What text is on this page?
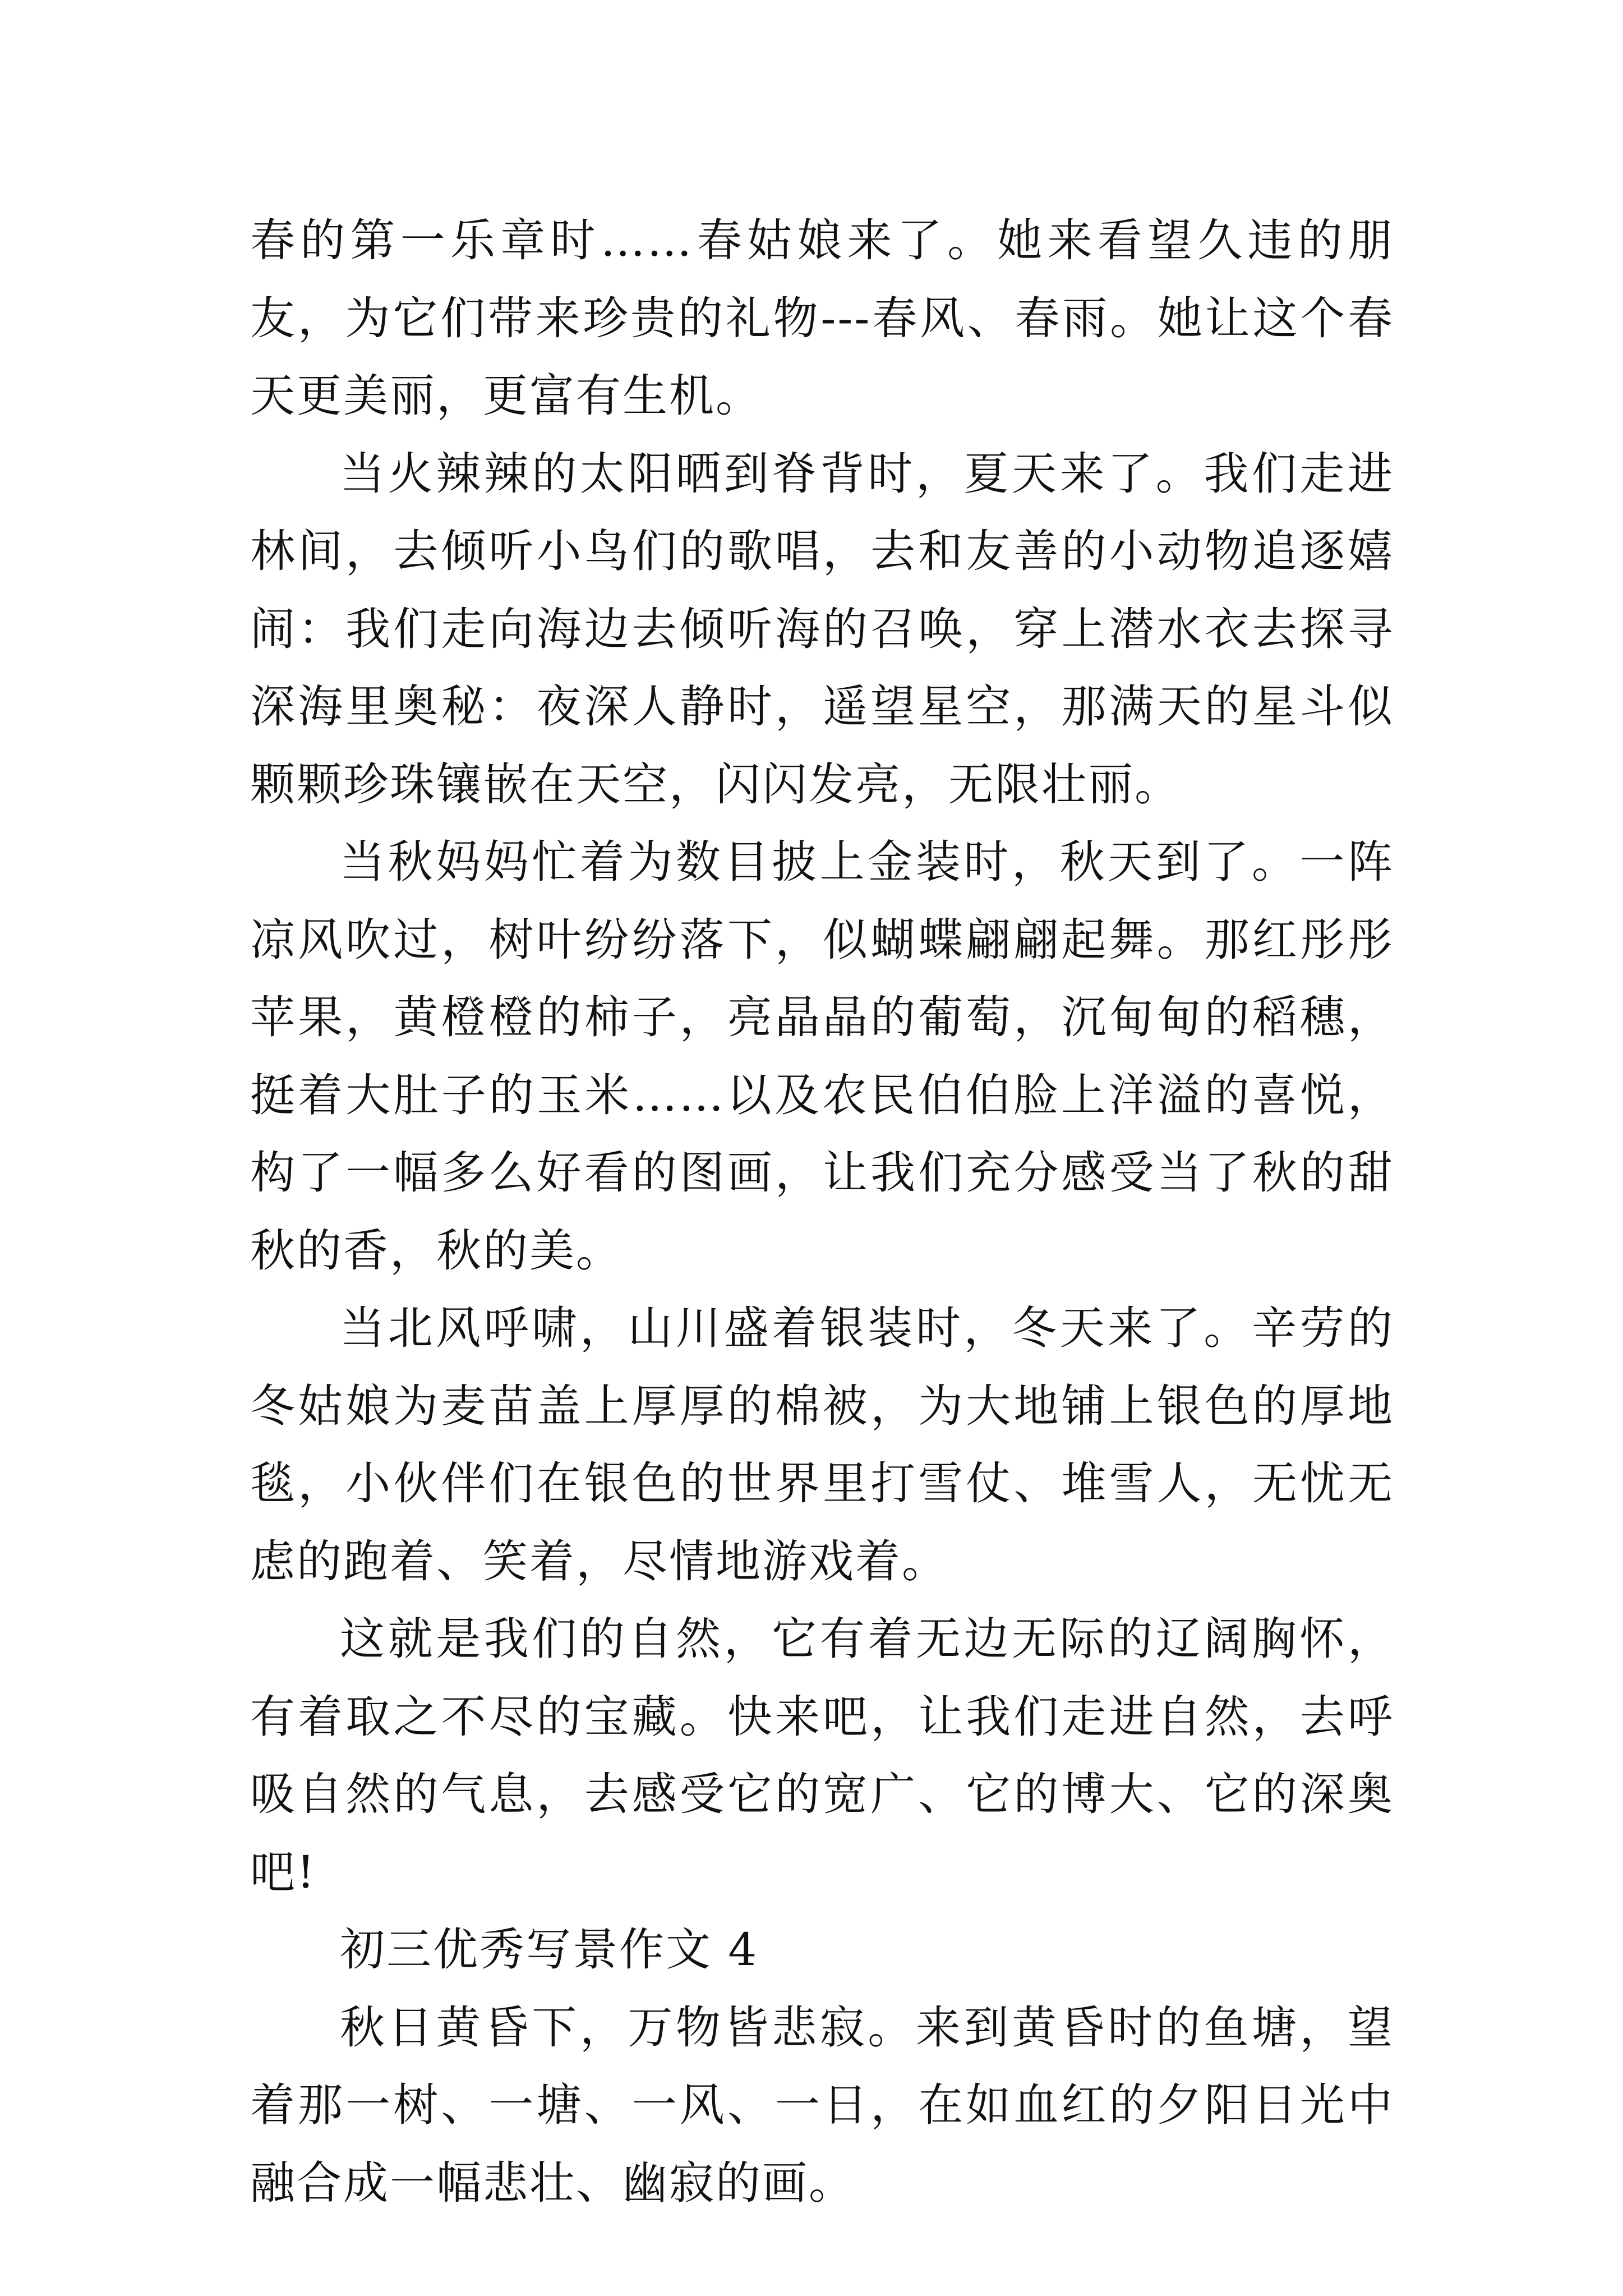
春的第一乐章时……春姑娘来了。她来看望久违的朋友，为它们带来珍贵的礼物---春风、春雨。她让这个春天更美丽，更富有生机。

当火辣辣的太阳晒到脊背时，夏天来了。我们走进林间，去倾听小鸟们的歌唱，去和友善的小动物追逐嬉闹：我们走向海边去倾听海的召唤，穿上潜水衣去探寻深海里奥秘：夜深人静时，遥望星空，那满天的星斗似颗颗珍珠镶嵌在天空，闪闪发亮，无限壮丽。

当秋妈妈忙着为数目披上金装时，秋天到了。一阵凉风吹过，树叶纷纷落下，似蝴蝶翩翩起舞。那红彤彤苹果，黄橙橙的柿子，亮晶晶的葡萄，沉甸甸的稻穗，挺着大肚子的玉米……以及农民伯伯脸上洋溢的喜悦，构了一幅多么好看的图画，让我们充分感受当了秋的甜秋的香，秋的美。

当北风呼啸，山川盛着银装时，冬天来了。辛劳的冬姑娘为麦苗盖上厚厚的棉被，为大地铺上银色的厚地毯，小伙伴们在银色的世界里打雪仗、堆雪人，无忧无虑的跑着、笑着，尽情地游戏着。

这就是我们的自然，它有着无边无际的辽阔胸怀，有着取之不尽的宝藏。快来吧，让我们走进自然，去呼吸自然的气息，去感受它的宽广、它的博大、它的深奥吧!

初三优秀写景作文 4

秋日黄昏下，万物皆悲寂。来到黄昏时的鱼塘，望着那一树、一塘、一风、一日，在如血红的夕阳日光中融合成一幅悲壮、幽寂的画。
